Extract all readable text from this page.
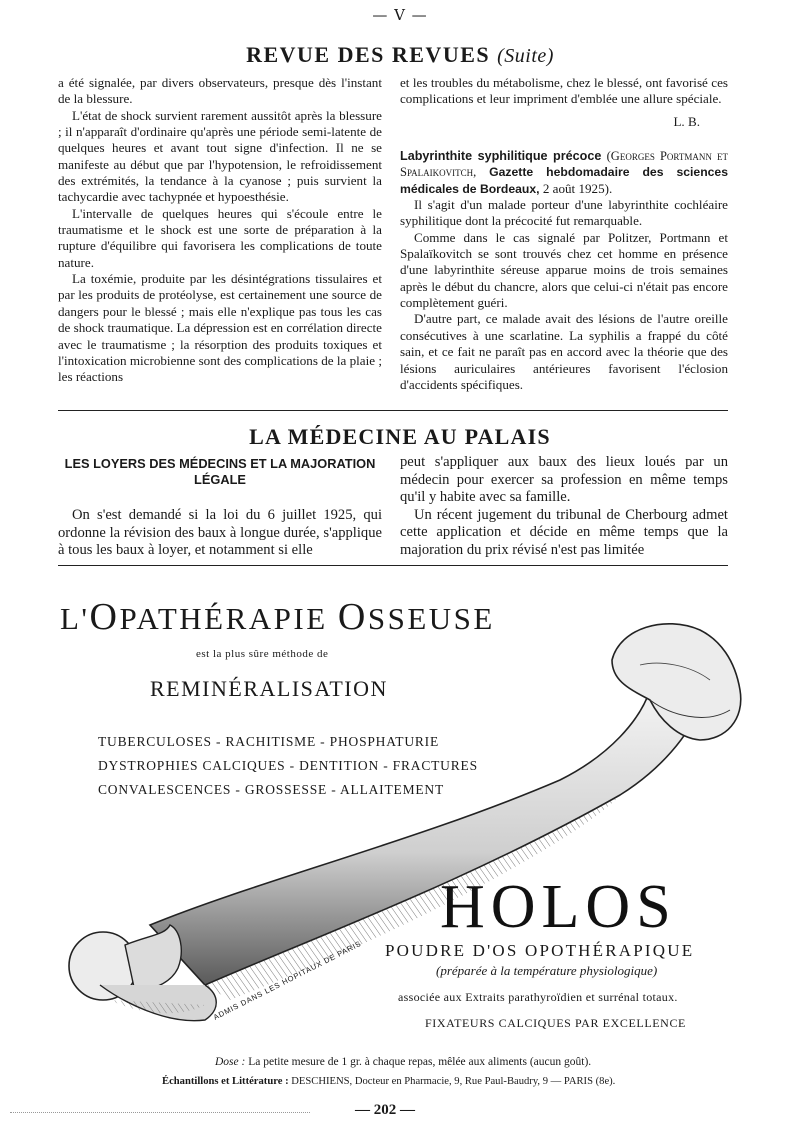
— V —
REVUE DES REVUES (Suite)

a été signalée, par divers observateurs, presque dès l'instant de la blessure.

L'état de shock survient rarement aussitôt après la blessure ; il n'apparaît d'ordinaire qu'après une période semi-latente de quelques heures et avant tout signe d'infection. Il ne se manifeste au début que par l'hypotension, le refroidissement des extrémités, la tendance à la cyanose ; puis survient la tachycardie avec tachypnée et hypoesthésie.

L'intervalle de quelques heures qui s'écoule entre le traumatisme et le shock est une sorte de préparation à la rupture d'équilibre qui favorisera les complications de toute nature.

La toxémie, produite par les désintégrations tissulaires et par les produits de protéolyse, est certainement une source de dangers pour le blessé ; mais elle n'explique pas tous les cas de shock traumatique. La dépression est en corrélation directe avec le traumatisme ; la résorption des produits toxiques et l'intoxication microbienne sont des complications de la plaie ; les réactions

et les troubles du métabolisme, chez le blessé, ont favorisé ces complications et leur impriment d'emblée une allure spéciale.

L. B.

Labyrinthite syphilitique précoce (Georges Portmann et Spalaikovitch, Gazette hebdomadaire des sciences médicales de Bordeaux, 2 août 1925).

Il s'agit d'un malade porteur d'une labyrinthite cochléaire syphilitique dont la précocité fut remarquable.

Comme dans le cas signalé par Politzer, Portmann et Spalaïkovitch se sont trouvés chez cet homme en présence d'une labyrinthite séreuse apparue moins de trois semaines après le début du chancre, alors que celui-ci n'était pas encore complètement guéri.

D'autre part, ce malade avait des lésions de l'autre oreille consécutives à une scarlatine. La syphilis a frappé du côté sain, et ce fait ne paraît pas en accord avec la théorie que des lésions auriculaires antérieures favorisent l'éclosion d'accidents spécifiques.

LA MÉDECINE AU PALAIS
LES LOYERS DES MÉDECINS ET LA MAJORATION LÉGALE

On s'est demandé si la loi du 6 juillet 1925, qui ordonne la révision des baux à longue durée, s'applique à tous les baux à loyer, et notamment si elle

peut s'appliquer aux baux des lieux loués par un médecin pour exercer sa profession en même temps qu'il y habite avec sa famille.

Un récent jugement du tribunal de Cherbourg admet cette application et décide en même temps que la majoration du prix révisé n'est pas limitée

L'OPATHÉRAPIE OSSEUSE
est la plus sûre méthode de
REMINÉRALISATION
TUBERCULOSES - RACHITISME - PHOSPHATURIE
DYSTROPHIES CALCIQUES - DENTITION - FRACTURES
CONVALESCENCES - GROSSESSE - ALLAITEMENT
ADMIS DANS LES HOPITAUX DE PARIS
HOLOS
POUDRE D'OS OPOTHÉRAPIQUE
(préparée à la température physiologique)
associée aux Extraits parathyroïdien et surrénal totaux.
FIXATEURS CALCIQUES PAR EXCELLENCE
Dose : La petite mesure de 1 gr. à chaque repas, mêlée aux aliments (aucun goût).
Échantillons et Littérature : DESCHIENS, Docteur en Pharmacie, 9, Rue Paul-Baudry, 9 — PARIS (8e).
— 202 —
